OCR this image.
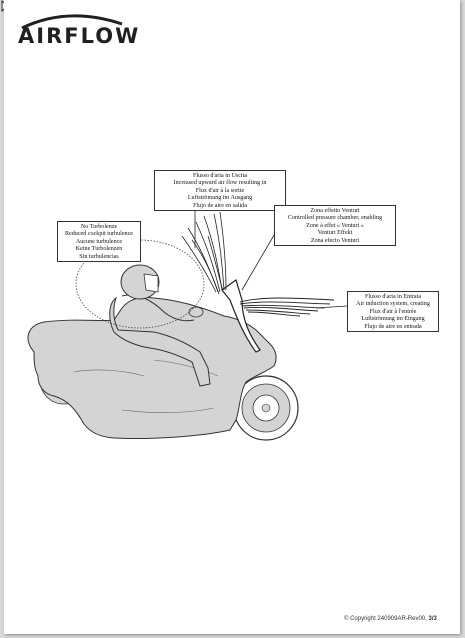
AIRFLOW
Flusso d'aria in Uscita
Increased upward air flow resulting in
Flux d'air à la sortie
Luftströmung im Ausgang
Flujo de aire en salida
No Turbolenze
Reduced cockpit turbulence
Aucune turbulence
Keine Turbolenzen
Sin turbulencias
Zona effetto Venturi
Controlled pressure chamber, enabling
Zone à effet « Venturi »
Venturi Effekt
Zona efecto Venturi
Flusso d'aria in Entrata
Air induction system, creating
Flux d'air à l'entrée
Luftströmung im Eingang
Flujo de aire en entrada
© Copyright 240909AR-Rev00, 3/3
